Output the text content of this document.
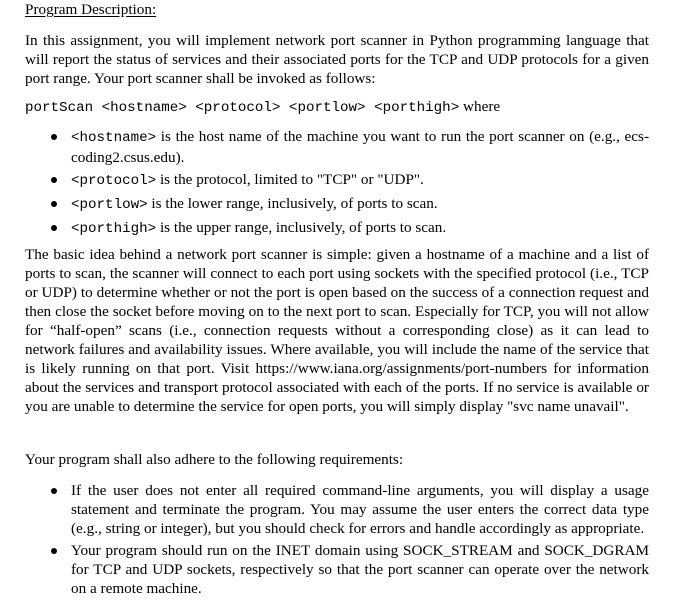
Program Description:

In this assignment, you will implement network port scanner in Python programming language that will report the status of services and their associated ports for the TCP and UDP protocols for a given port range. Your port scanner shall be invoked as follows:

portScan <hostname> <protocol> <portlow> <porthigh> where
<hostname> is the host name of the machine you want to run the port scanner on (e.g., ecs-coding2.csus.edu).
<protocol> is the protocol, limited to "TCP" or "UDP".
<portlow> is the lower range, inclusively, of ports to scan.
<porthigh> is the upper range, inclusively, of ports to scan.

The basic idea behind a network port scanner is simple: given a hostname of a machine and a list of ports to scan, the scanner will connect to each port using sockets with the specified protocol (i.e., TCP or UDP) to determine whether or not the port is open based on the success of a connection request and then close the socket before moving on to the next port to scan. Especially for TCP, you will not allow for “half-open” scans (i.e., connection requests without a corresponding close) as it can lead to network failures and availability issues. Where available, you will include the name of the service that is likely running on that port. Visit https://www.iana.org/assignments/port-numbers for information about the services and transport protocol associated with each of the ports. If no service is available or you are unable to determine the service for open ports, you will simply display "svc name unavail".

Your program shall also adhere to the following requirements:

If the user does not enter all required command-line arguments, you will display a usage statement and terminate the program. You may assume the user enters the correct data type (e.g., string or integer), but you should check for errors and handle accordingly as appropriate.
Your program should run on the INET domain using SOCK_STREAM and SOCK_DGRAM for TCP and UDP sockets, respectively so that the port scanner can operate over the network on a remote machine.
